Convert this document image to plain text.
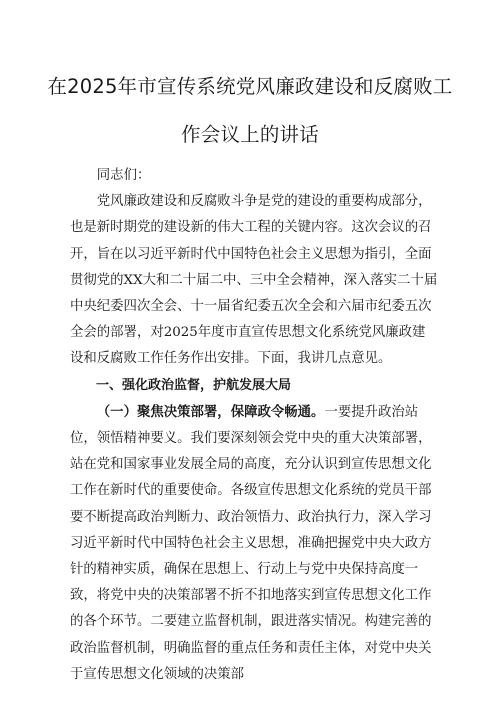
在2025年市宣传系统党风廉政建设和反腐败工
作会议上的讲话

同志们：

党风廉政建设和反腐败斗争是党的建设的重要构成部分，也是新时期党的建设新的伟大工程的关键内容。这次会议的召开，旨在以习近平新时代中国特色社会主义思想为指引，全面贯彻党的XX大和二十届二中、三中全会精神，深入落实二十届中央纪委四次全会、十一届省纪委五次全会和六届市纪委五次全会的部署，对2025年度市直宣传思想文化系统党风廉政建设和反腐败工作任务作出安排。下面，我讲几点意见。

一、强化政治监督，护航发展大局

（一）聚焦决策部署，保障政令畅通。一要提升政治站位，领悟精神要义。我们要深刻领会党中央的重大决策部署，站在党和国家事业发展全局的高度，充分认识到宣传思想文化工作在新时代的重要使命。各级宣传思想文化系统的党员干部要不断提高政治判断力、政治领悟力、政治执行力，深入学习习近平新时代中国特色社会主义思想，准确把握党中央大政方针的精神实质，确保在思想上、行动上与党中央保持高度一致，将党中央的决策部署不折不扣地落实到宣传思想文化工作的各个环节。二要建立监督机制，跟进落实情况。构建完善的政治监督机制，明确监督的重点任务和责任主体，对党中央关于宣传思想文化领域的决策部
